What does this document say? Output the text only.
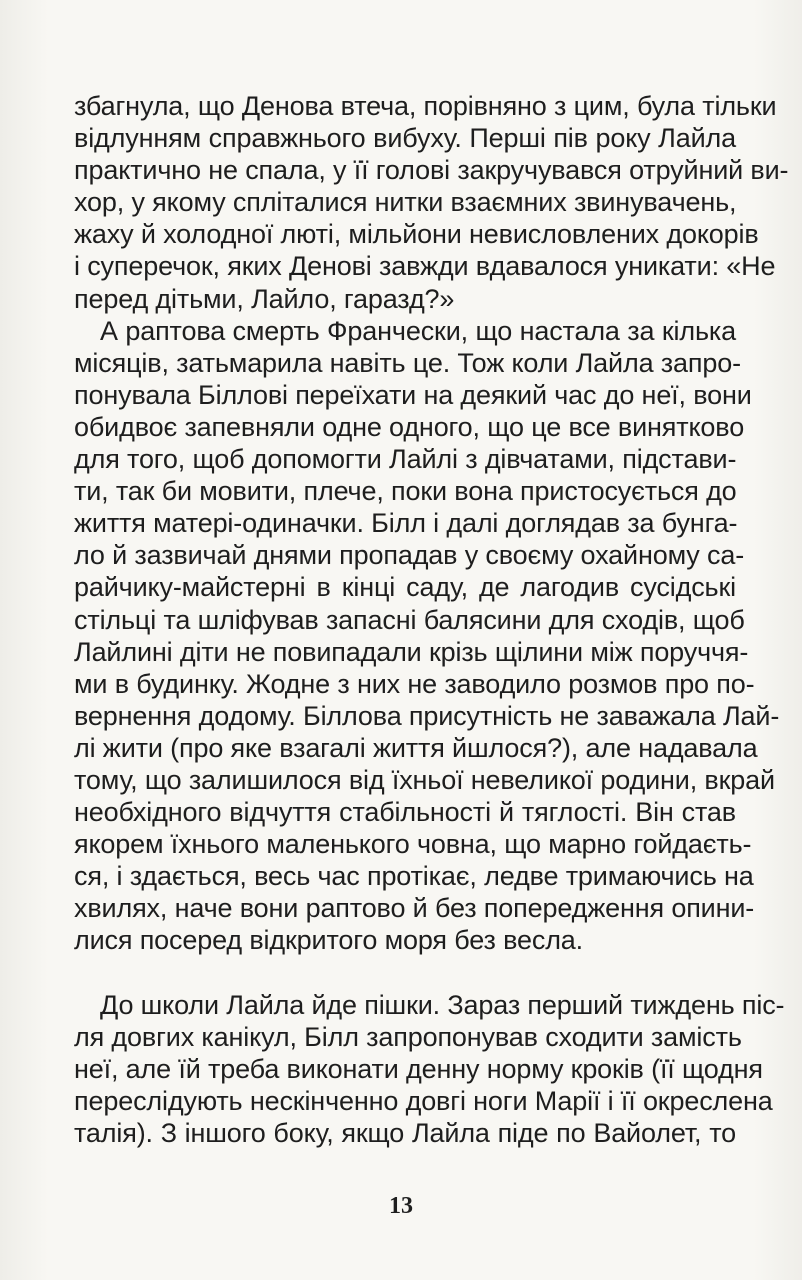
збагнула, що Денова втеча, порівняно з цим, була тільки
відлунням справжнього вибуху. Перші пів року Лайла
практично не спала, у її голові закручувався отруйний ви-
хор, у якому спліталися нитки взаємних звинувачень,
жаху й холодної люті, мільйони невисловлених докорів
і суперечок, яких Денові завжди вдавалося уникати: «Не
перед дітьми, Лайло, гаразд?»
А раптова смерть Франчески, що настала за кілька
місяців, затьмарила навіть це. Тож коли Лайла запро-
понувала Біллові переїхати на деякий час до неї, вони
обидвоє запевняли одне одного, що це все винятково
для того, щоб допомогти Лайлі з дівчатами, підстави-
ти, так би мовити, плече, поки вона пристосується до
життя матері-одиначки. Білл і далі доглядав за бунга-
ло й зазвичай днями пропадав у своєму охайному са-
райчику-майстерні в кінці саду, де лагодив сусідські
стільці та шліфував запасні балясини для сходів, щоб
Лайлині діти не повипадали крізь щілини між поруччя-
ми в будинку. Жодне з них не заводило розмов про по-
вернення додому. Біллова присутність не заважала Лай-
лі жити (про яке взагалі життя йшлося?), але надавала
тому, що залишилося від їхньої невеликої родини, вкрай
необхідного відчуття стабільності й тяглості. Він став
якорем їхнього маленького човна, що марно гойдаєть-
ся, і здається, весь час протікає, ледве тримаючись на
хвилях, наче вони раптово й без попередження опини-
лися посеред відкритого моря без весла.
До школи Лайла йде пішки. Зараз перший тиждень піс-
ля довгих канікул, Білл запропонував сходити замість
неї, але їй треба виконати денну норму кроків (її щодня
переслідують нескінченно довгі ноги Марії і її окреслена
талія). З іншого боку, якщо Лайла піде по Вайолет, то
13
